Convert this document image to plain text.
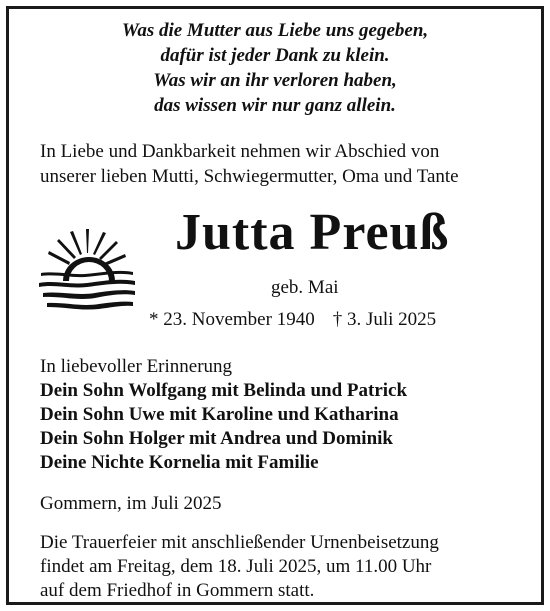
Was die Mutter aus Liebe uns gegeben,
dafür ist jeder Dank zu klein.
Was wir an ihr verloren haben,
das wissen wir nur ganz allein.
In Liebe und Dankbarkeit nehmen wir Abschied von
unserer lieben Mutti, Schwiegermutter, Oma und Tante
Jutta Preuß
geb. Mai
* 23. November 1940 † 3. Juli 2025
In liebevoller Erinnerung
Dein Sohn Wolfgang mit Belinda und Patrick
Dein Sohn Uwe mit Karoline und Katharina
Dein Sohn Holger mit Andrea und Dominik
Deine Nichte Kornelia mit Familie
Gommern, im Juli 2025
Die Trauerfeier mit anschließender Urnenbeisetzung
findet am Freitag, dem 18. Juli 2025, um 11.00 Uhr
auf dem Friedhof in Gommern statt.
